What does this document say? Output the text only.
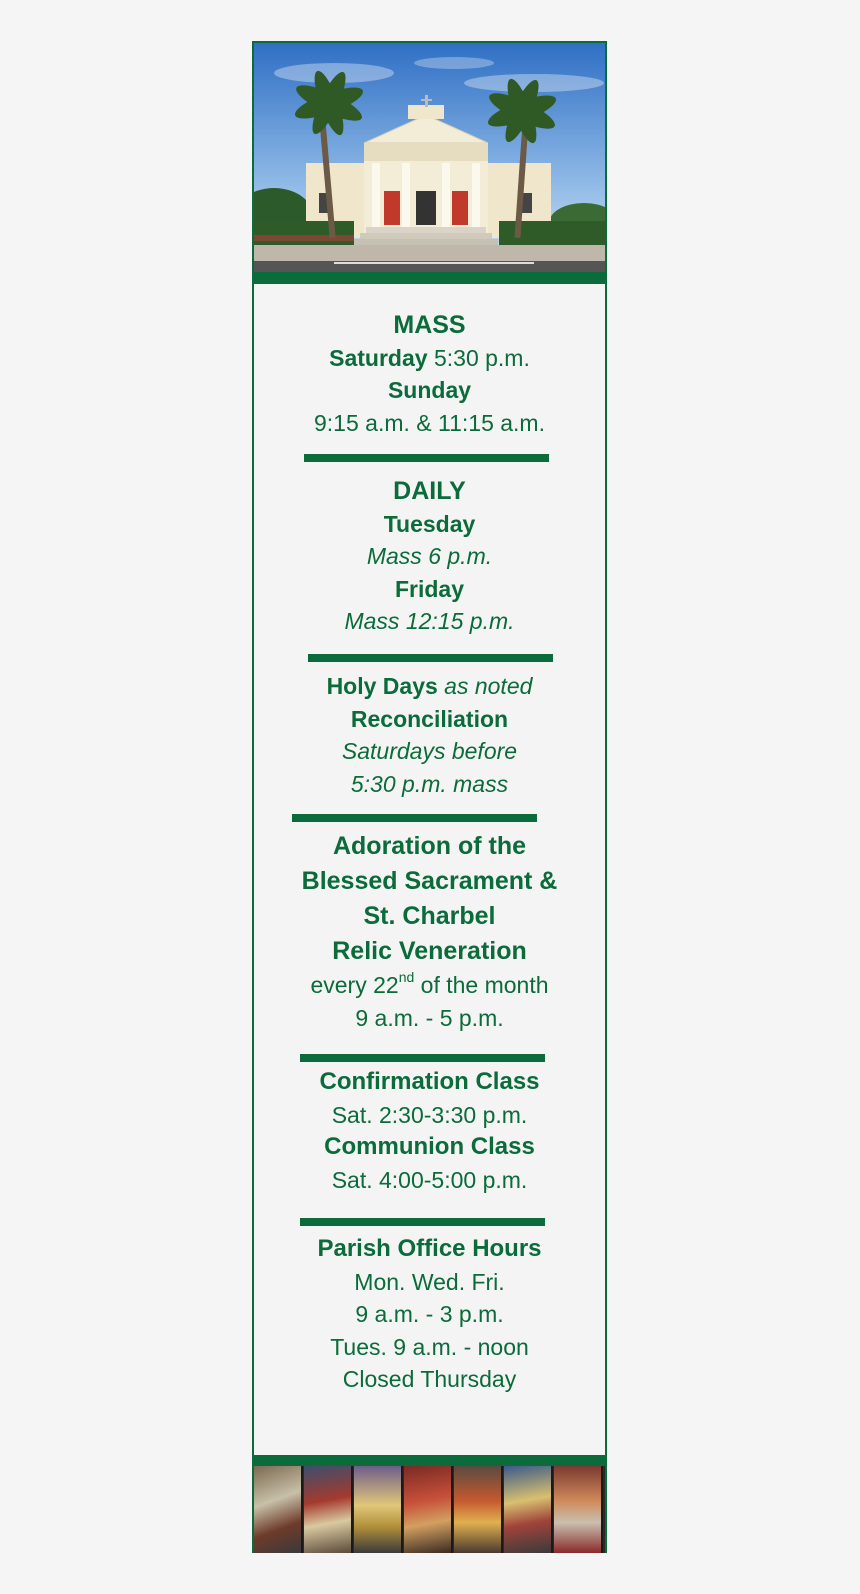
MASS
Saturday 5:30 p.m.
Sunday
9:15 a.m. & 11:15 a.m.
DAILY
Tuesday
Mass 6 p.m.
Friday
Mass 12:15 p.m.
Holy Days as noted
Reconciliation
Saturdays before
5:30 p.m. mass
Adoration of the
Blessed Sacrament &
St. Charbel
Relic Veneration
every 22nd of the month
9 a.m. - 5 p.m.
Confirmation Class
Sat. 2:30-3:30 p.m.
Communion Class
Sat. 4:00-5:00 p.m.
Parish Office Hours
Mon. Wed. Fri.
9 a.m. - 3 p.m.
Tues. 9 a.m. - noon
Closed Thursday
